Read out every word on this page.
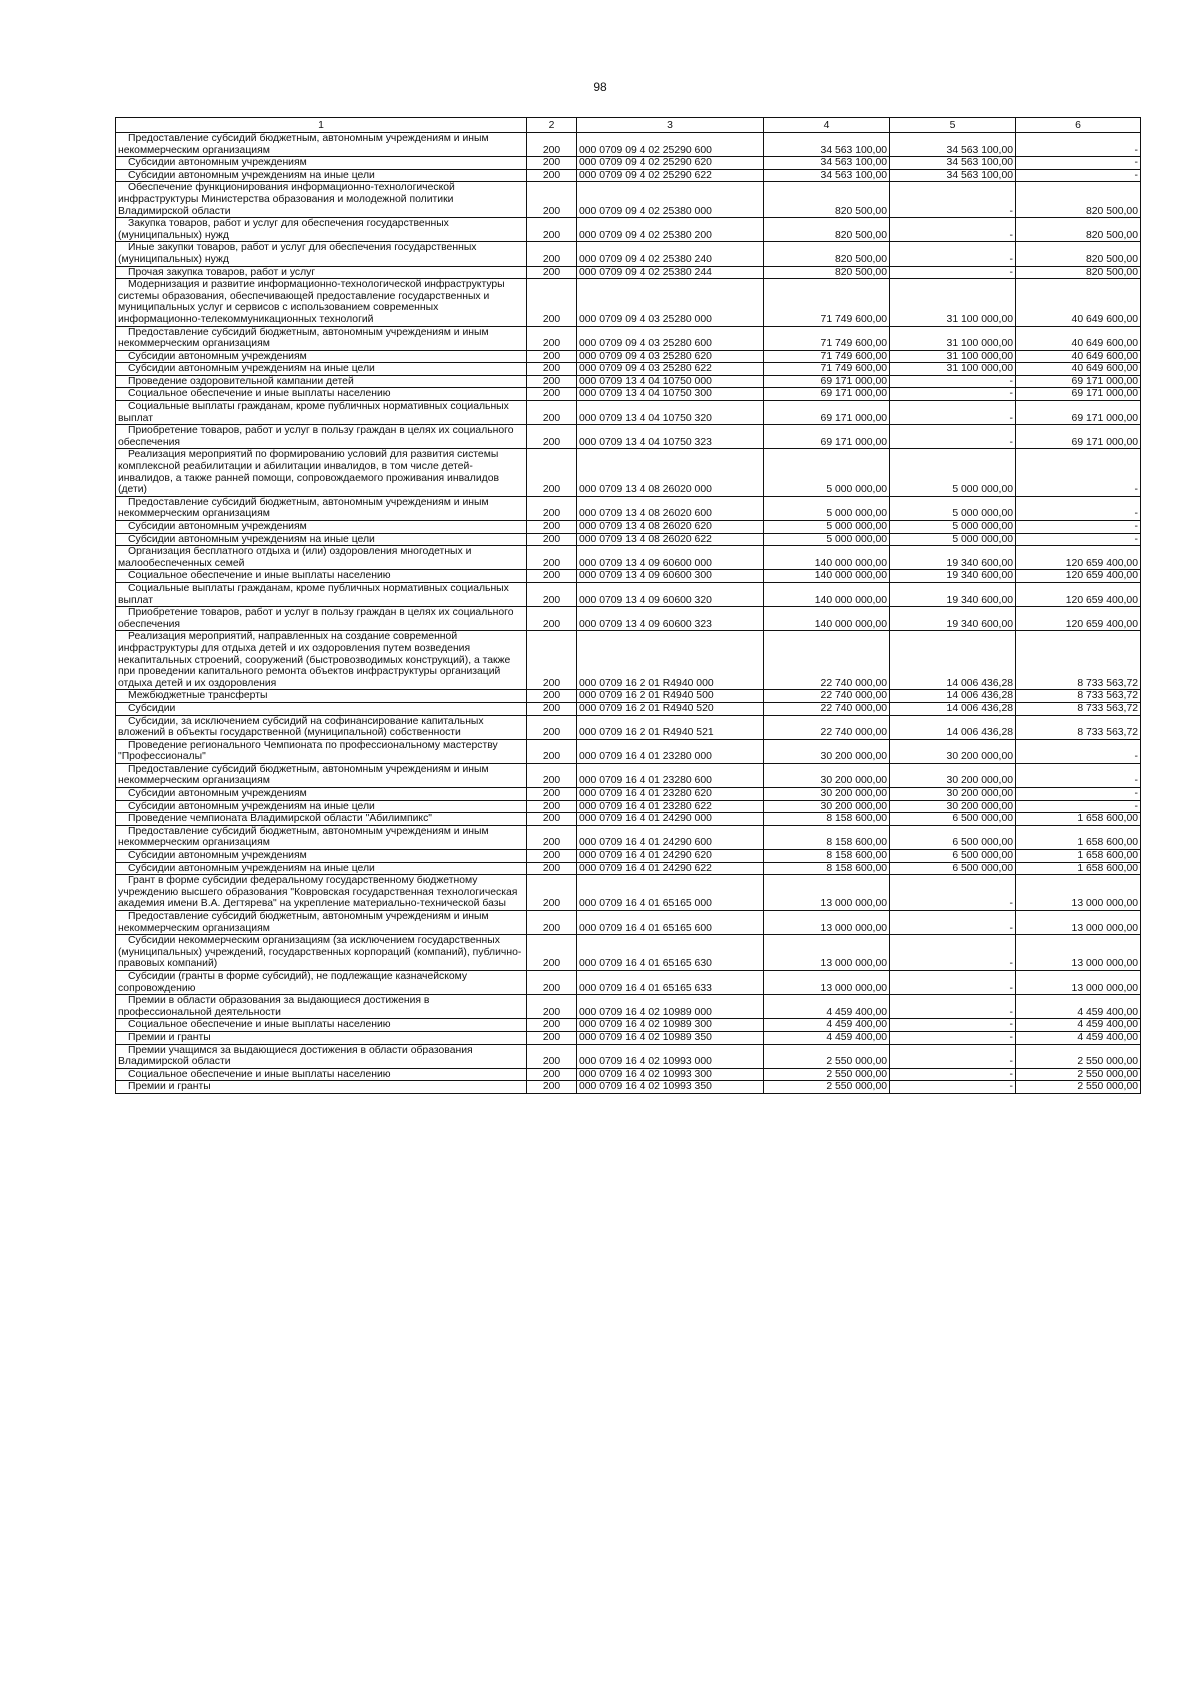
98
1	2	3	4	5	6

Предоставление субсидий бюджетным, автономным учреждениям и иным некоммерческим организациям	200	000 0709 09 4 02 25290 600	34 563 100,00	34 563 100,00	-

Субсидии автономным учреждениям	200	000 0709 09 4 02 25290 620	34 563 100,00	34 563 100,00	-

Субсидии автономным учреждениям на иные цели	200	000 0709 09 4 02 25290 622	34 563 100,00	34 563 100,00	-

Обеспечение функционирования информационно-технологической инфраструктуры Министерства образования и молодежной политики Владимирской области	200	000 0709 09 4 02 25380 000	820 500,00	-	820 500,00

Закупка товаров, работ и услуг для обеспечения государственных (муниципальных) нужд	200	000 0709 09 4 02 25380 200	820 500,00	-	820 500,00

Иные закупки товаров, работ и услуг для обеспечения государственных (муниципальных) нужд	200	000 0709 09 4 02 25380 240	820 500,00	-	820 500,00

Прочая закупка товаров, работ и услуг	200	000 0709 09 4 02 25380 244	820 500,00	-	820 500,00

Модернизация и развитие информационно-технологической инфраструктуры системы образования, обеспечивающей предоставление государственных и муниципальных услуг и сервисов с использованием современных информационно-телекоммуникационных технологий	200	000 0709 09 4 03 25280 000	71 749 600,00	31 100 000,00	40 649 600,00

Предоставление субсидий бюджетным, автономным учреждениям и иным некоммерческим организациям	200	000 0709 09 4 03 25280 600	71 749 600,00	31 100 000,00	40 649 600,00

Субсидии автономным учреждениям	200	000 0709 09 4 03 25280 620	71 749 600,00	31 100 000,00	40 649 600,00

Субсидии автономным учреждениям на иные цели	200	000 0709 09 4 03 25280 622	71 749 600,00	31 100 000,00	40 649 600,00

Проведение оздоровительной кампании детей	200	000 0709 13 4 04 10750 000	69 171 000,00	-	69 171 000,00

Социальное обеспечение и иные выплаты населению	200	000 0709 13 4 04 10750 300	69 171 000,00	-	69 171 000,00

Социальные выплаты гражданам, кроме публичных нормативных социальных выплат	200	000 0709 13 4 04 10750 320	69 171 000,00	-	69 171 000,00

Приобретение товаров, работ и услуг в пользу граждан в целях их социального обеспечения	200	000 0709 13 4 04 10750 323	69 171 000,00	-	69 171 000,00

Реализация мероприятий по формированию условий для развития системы комплексной реабилитации и абилитации инвалидов, в том числе детей-инвалидов, а также ранней помощи, сопровождаемого проживания инвалидов (дети)	200	000 0709 13 4 08 26020 000	5 000 000,00	5 000 000,00	-

Предоставление субсидий бюджетным, автономным учреждениям и иным некоммерческим организациям	200	000 0709 13 4 08 26020 600	5 000 000,00	5 000 000,00	-

Субсидии автономным учреждениям	200	000 0709 13 4 08 26020 620	5 000 000,00	5 000 000,00	-

Субсидии автономным учреждениям на иные цели	200	000 0709 13 4 08 26020 622	5 000 000,00	5 000 000,00	-

Организация бесплатного отдыха и (или) оздоровления многодетных и малообеспеченных семей	200	000 0709 13 4 09 60600 000	140 000 000,00	19 340 600,00	120 659 400,00

Социальное обеспечение и иные выплаты населению	200	000 0709 13 4 09 60600 300	140 000 000,00	19 340 600,00	120 659 400,00

Социальные выплаты гражданам, кроме публичных нормативных социальных выплат	200	000 0709 13 4 09 60600 320	140 000 000,00	19 340 600,00	120 659 400,00

Приобретение товаров, работ и услуг в пользу граждан в целях их социального обеспечения	200	000 0709 13 4 09 60600 323	140 000 000,00	19 340 600,00	120 659 400,00

Реализация мероприятий, направленных на создание современной инфраструктуры для отдыха детей и их оздоровления путем возведения некапитальных строений, сооружений (быстровозводимых конструкций), а также при проведении капитального ремонта объектов инфраструктуры организаций отдыха детей и их оздоровления	200	000 0709 16 2 01 R4940 000	22 740 000,00	14 006 436,28	8 733 563,72

Межбюджетные трансферты	200	000 0709 16 2 01 R4940 500	22 740 000,00	14 006 436,28	8 733 563,72

Субсидии	200	000 0709 16 2 01 R4940 520	22 740 000,00	14 006 436,28	8 733 563,72

Субсидии, за исключением субсидий на софинансирование капитальных вложений в объекты государственной (муниципальной) собственности	200	000 0709 16 2 01 R4940 521	22 740 000,00	14 006 436,28	8 733 563,72

Проведение регионального Чемпионата по профессиональному мастерству "Профессионалы"	200	000 0709 16 4 01 23280 000	30 200 000,00	30 200 000,00	-

Предоставление субсидий бюджетным, автономным учреждениям и иным некоммерческим организациям	200	000 0709 16 4 01 23280 600	30 200 000,00	30 200 000,00	-

Субсидии автономным учреждениям	200	000 0709 16 4 01 23280 620	30 200 000,00	30 200 000,00	-

Субсидии автономным учреждениям на иные цели	200	000 0709 16 4 01 23280 622	30 200 000,00	30 200 000,00	-

Проведение чемпионата Владимирской области "Абилимпикс"	200	000 0709 16 4 01 24290 000	8 158 600,00	6 500 000,00	1 658 600,00

Предоставление субсидий бюджетным, автономным учреждениям и иным некоммерческим организациям	200	000 0709 16 4 01 24290 600	8 158 600,00	6 500 000,00	1 658 600,00

Субсидии автономным учреждениям	200	000 0709 16 4 01 24290 620	8 158 600,00	6 500 000,00	1 658 600,00

Субсидии автономным учреждениям на иные цели	200	000 0709 16 4 01 24290 622	8 158 600,00	6 500 000,00	1 658 600,00

Грант в форме субсидии федеральному государственному бюджетному учреждению высшего образования "Ковровская государственная технологическая академия имени В.А. Дегтярева" на укрепление материально-технической базы	200	000 0709 16 4 01 65165 000	13 000 000,00	-	13 000 000,00

Предоставление субсидий бюджетным, автономным учреждениям и иным некоммерческим организациям	200	000 0709 16 4 01 65165 600	13 000 000,00	-	13 000 000,00

Субсидии некоммерческим организациям (за исключением государственных (муниципальных) учреждений, государственных корпораций (компаний), публично-правовых компаний)	200	000 0709 16 4 01 65165 630	13 000 000,00	-	13 000 000,00

Субсидии (гранты в форме субсидий), не подлежащие казначейскому сопровождению	200	000 0709 16 4 01 65165 633	13 000 000,00	-	13 000 000,00

Премии в области образования за выдающиеся достижения в профессиональной деятельности	200	000 0709 16 4 02 10989 000	4 459 400,00	-	4 459 400,00

Социальное обеспечение и иные выплаты населению	200	000 0709 16 4 02 10989 300	4 459 400,00	-	4 459 400,00

Премии и гранты	200	000 0709 16 4 02 10989 350	4 459 400,00	-	4 459 400,00

Премии учащимся за выдающиеся достижения в области образования Владимирской области	200	000 0709 16 4 02 10993 000	2 550 000,00	-	2 550 000,00

Социальное обеспечение и иные выплаты населению	200	000 0709 16 4 02 10993 300	2 550 000,00	-	2 550 000,00

Премии и гранты	200	000 0709 16 4 02 10993 350	2 550 000,00	-	2 550 000,00
